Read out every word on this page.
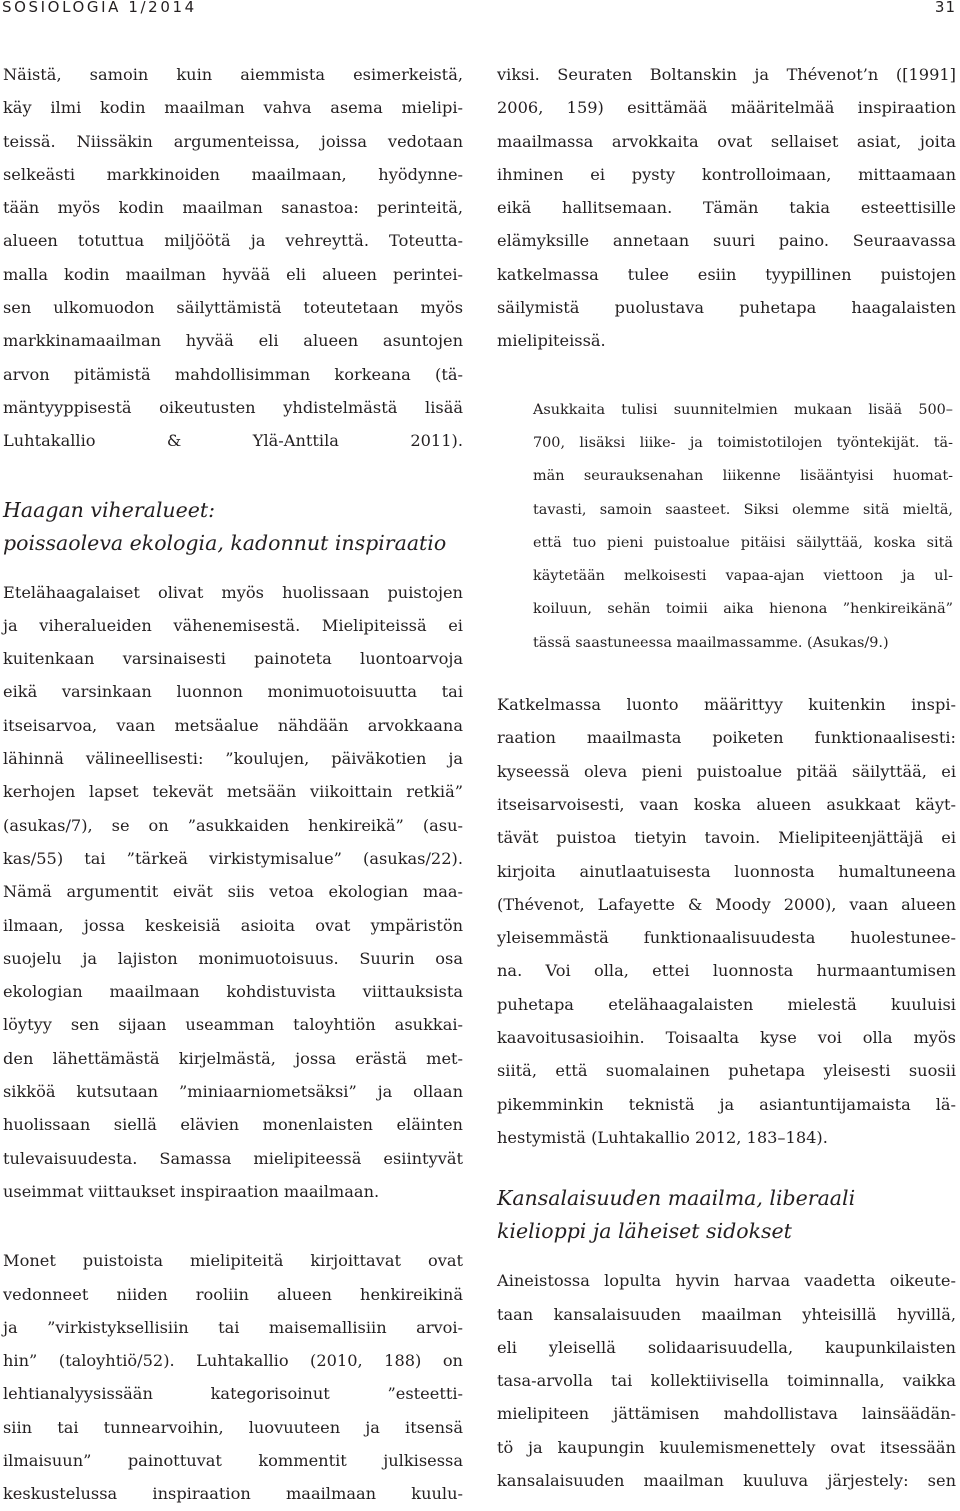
SOSIOLOGIA 1/2014	31
Näistä, samoin kuin aiemmista esimerkeistä,
käy ilmi kodin maailman vahva asema mielipi-
teissä. Niissäkin argumenteissa, joissa vedotaan
selkeästi markkinoiden maailmaan, hyödynne-
tään myös kodin maailman sanastoa: perinteitä,
alueen totuttua miljöötä ja vehreyttä. Toteutta-
malla kodin maailman hyvää eli alueen perintei-
sen ulkomuodon säilyttämistä toteutetaan myös
markkinamaailman hyvää eli alueen asuntojen
arvon pitämistä mahdollisimman korkeana (tä-
mäntyyppisestä oikeutusten yhdistelmästä lisää
Luhtakallio & Ylä-Anttila 2011).
Haagan viheralueet:
poissaoleva ekologia, kadonnut inspiraatio
Etelähaagalaiset olivat myös huolissaan puistojen
ja viheralueiden vähenemisestä. Mielipiteissä ei
kuitenkaan varsinaisesti painoteta luontoarvoja
eikä varsinkaan luonnon monimuotoisuutta tai
itseisarvoa, vaan metsäalue nähdään arvokkaana
lähinnä välineellisesti: ”koulujen, päiväkotien ja
kerhojen lapset tekevät metsään viikoittain retkiä”
(asukas/7), se on ”asukkaiden henkireikä” (asu-
kas/55) tai ”tärkeä virkistymisalue” (asukas/22).
Nämä argumentit eivät siis vetoa ekologian maa-
ilmaan, jossa keskeisiä asioita ovat ympäristön
suojelu ja lajiston monimuotoisuus. Suurin osa
ekologian maailmaan kohdistuvista viittauksista
löytyy sen sijaan useamman taloyhtiön asukkai-
den lähettämästä kirjelmästä, jossa erästä met-
sikköä kutsutaan ”miniaarniometsäksi” ja ollaan
huolissaan siellä elävien monenlaisten eläinten
tulevaisuudesta. Samassa mielipiteessä esiintyvät
useimmat viittaukset inspiraation maailmaan.
Monet puistoista mielipiteitä kirjoittavat ovat
vedonneet niiden rooliin alueen henkireikinä
ja ”virkistyksellisiin tai maisemallisiin arvoi-
hin” (taloyhtiö/52). Luhtakallio (2010, 188) on
lehtianalyysissään kategorisoinut ”esteetti-
siin tai tunnearvoihin, luovuuteen ja itsensä
ilmaisuun” painottuvat kommentit julkisessa
keskustelussa inspiraation maailmaan kuulu-
viksi. Seuraten Boltanskin ja Thévenot’n ([1991]
2006, 159) esittämää määritelmää inspiraation
maailmassa arvokkaita ovat sellaiset asiat, joita
ihminen ei pysty kontrolloimaan, mittaamaan
eikä hallitsemaan. Tämän takia esteettisille
elämyksille annetaan suuri paino. Seuraavassa
katkelmassa tulee esiin tyypillinen puistojen
säilymistä puolustava puhetapa haagalaisten
mielipiteissä.
Asukkaita tulisi suunnitelmien mukaan lisää 500–
700, lisäksi liike- ja toimistotilojen työntekijät. tä-
män seurauksenahan liikenne lisääntyisi huomat-
tavasti, samoin saasteet. Siksi olemme sitä mieltä,
että tuo pieni puistoalue pitäisi säilyttää, koska sitä
käytetään melkoisesti vapaa-ajan viettoon ja ul-
koiluun, sehän toimii aika hienona ”henkireikänä”
tässä saastuneessa maailmassamme. (Asukas/9.)
Katkelmassa luonto määrittyy kuitenkin inspi-
raation maailmasta poiketen funktionaalisesti:
kyseessä oleva pieni puistoalue pitää säilyttää, ei
itseisarvoisesti, vaan koska alueen asukkaat käyt-
tävät puistoa tietyin tavoin. Mielipiteenjättäjä ei
kirjoita ainutlaatuisesta luonnosta humaltuneena
(Thévenot, Lafayette & Moody 2000), vaan alueen
yleisemmästä funktionaalisuudesta huolestunee-
na. Voi olla, ettei luonnosta hurmaantumisen
puhetapa etelähaagalaisten mielestä kuuluisi
kaavoitusasioihin. Toisaalta kyse voi olla myös
siitä, että suomalainen puhetapa yleisesti suosii
pikemminkin teknistä ja asiantuntijamaista lä-
hestymistä (Luhtakallio 2012, 183–184).
Kansalaisuuden maailma, liberaali
kielioppi ja läheiset sidokset
Aineistossa lopulta hyvin harvaa vaadetta oikeute-
taan kansalaisuuden maailman yhteisillä hyvillä,
eli yleisellä solidaarisuudella, kaupunkilaisten
tasa-arvolla tai kollektiivisella toiminnalla, vaikka
mielipiteen jättämisen mahdollistava lainsäädän-
tö ja kaupungin kuulemismenettely ovat itsessään
kansalaisuuden maailman kuuluva järjestely: sen
